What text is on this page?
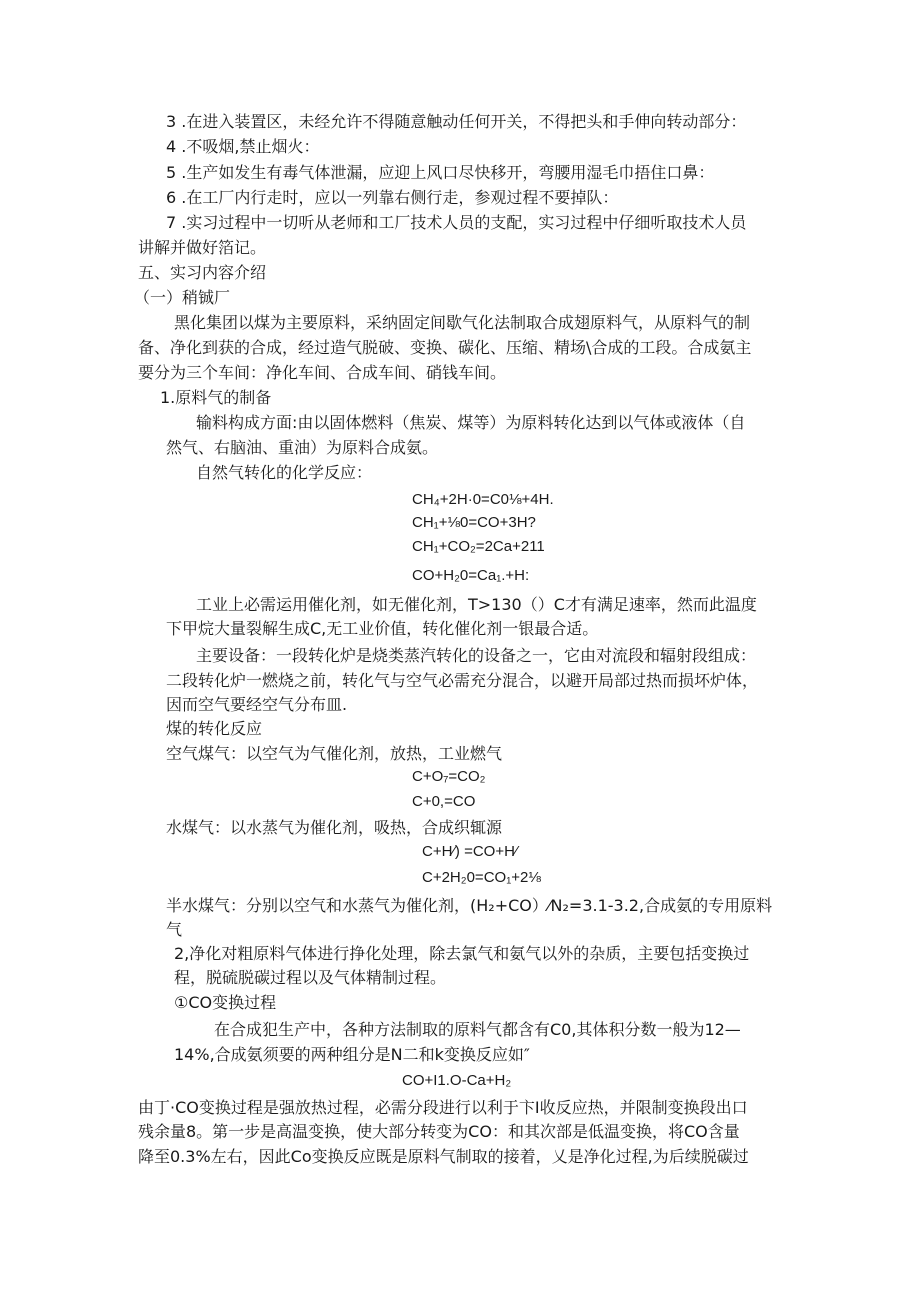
3 .在进入装置区，未经允许不得随意触动任何开关，不得把头和手伸向转动部分：
4 .不吸烟,禁止烟火：
5 .生产如发生有毒气体泄漏，应迎上风口尽快移开，弯腰用湿毛巾捂住口鼻：
6 .在工厂内行走时，应以一列靠右侧行走，参观过程不要掉队：
7 .实习过程中一切听从老师和工厂技术人员的支配，实习过程中仔细听取技术人员
讲解并做好箔记。
五、实习内容介绍
（一）稍铖厂
黑化集团以煤为主要原料，采纳固定间歇气化法制取合成翅原料气，从原料气的制
备、净化到获的合成，经过造气脱破、变换、碳化、压缩、精场\合成的工段。合成氨主
要分为三个车间：净化车间、合成车间、硝钱车间。
1.原料气的制备
输料构成方面:由以固体燃料（焦炭、煤等）为原料转化达到以气体或液体（自
然气、右脑油、重油）为原料合成氨。
自然气转化的化学反应：
CH₄+2H·0=C0⅛+4H.
CH₁+⅛0=CO+3H?
CH₁+CO₂=2Ca+211
CO+H₂0=Ca₁.+H:
工业上必需运用催化剂，如无催化剂，T>130（）C才有满足速率，然而此温度
下甲烷大量裂解生成C,无工业价值，转化催化剂一银最合适。
主要设备：一段转化炉是烧类蒸汽转化的设备之一，它由对流段和辐射段组成：
二段转化炉一燃烧之前，转化气与空气必需充分混合，以避开局部过热而损坏炉体，
因而空气要经空气分布皿.
煤的转化反应
空气煤气：以空气为气催化剂，放热，工业燃气
C+O₇=CO₂
C+0,=CO
水煤气：以水蒸气为催化剂，吸热，合成织辄源
C+H⁄) =CO+H⁄
C+2H₂0=CO₁+2⅛
半水煤气：分别以空气和水蒸气为催化剂，(H₂+CO）⁄N₂=3.1-3.2,合成氨的专用原料
气
2,净化对粗原料气体进行挣化处理，除去氯气和氨气以外的杂质，主要包括变换过
程，脱硫脱碳过程以及气体精制过程。
①CO变换过程
在合成犯生产中，各种方法制取的原料气都含有C0,其体积分数一般为12—
14%,合成氨须要的两种组分是N二和k变换反应如″
CO+I1.O-Ca+H₂
由丁·CO变换过程是强放热过程，必需分段进行以利于卞I收反应热，并限制变换段出口
残余量8。第一步是高温变换，使大部分转变为CO：和其次部是低温变换，将CO含量
降至0.3%左右，因此Co变换反应既是原料气制取的接着，乂是净化过程,为后续脱碳过
